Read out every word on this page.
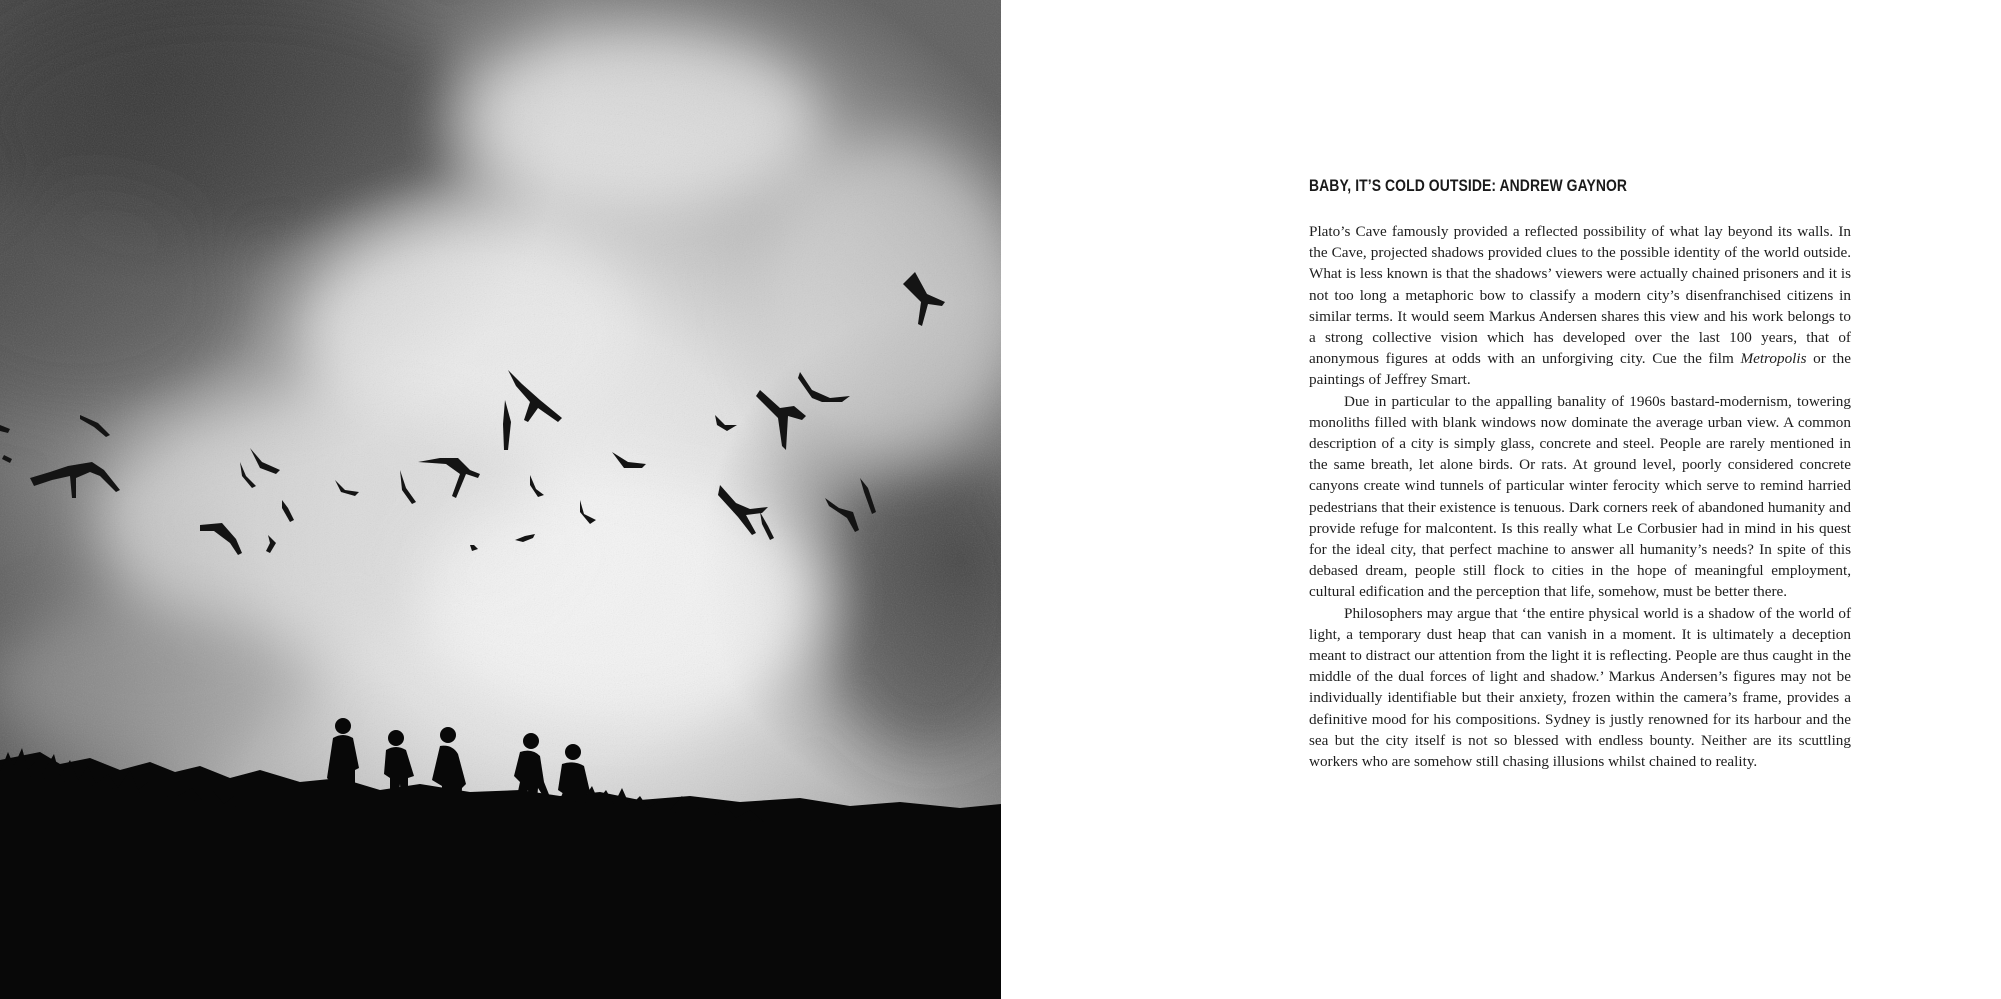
BABY, IT’S COLD OUTSIDE: ANDREW GAYNOR

Plato’s Cave famously provided a reflected possibility of what lay beyond its walls. In the Cave, projected shadows provided clues to the possible identity of the world outside. What is less known is that the shadows’ viewers were actually chained prisoners and it is not too long a metaphoric bow to classify a modern city’s disenfranchised citizens in similar terms. It would seem Markus Andersen shares this view and his work belongs to a strong collective vision which has developed over the last 100 years, that of anonymous figures at odds with an unforgiving city. Cue the film Metropolis or the paintings of Jeffrey Smart.

Due in particular to the appalling banality of 1960s bastard-modernism, towering monoliths filled with blank windows now dominate the average urban view. A common description of a city is simply glass, concrete and steel. People are rarely mentioned in the same breath, let alone birds. Or rats. At ground level, poorly considered concrete canyons create wind tunnels of particular winter ferocity which serve to remind harried pedestrians that their existence is tenuous. Dark corners reek of abandoned humanity and provide refuge for malcontent. Is this really what Le Corbusier had in mind in his quest for the ideal city, that perfect machine to answer all humanity’s needs? In spite of this debased dream, people still flock to cities in the hope of meaningful employment, cultural edification and the perception that life, somehow, must be better there.

Philosophers may argue that ‘the entire physical world is a shadow of the world of light, a temporary dust heap that can vanish in a moment. It is ultimately a deception meant to distract our attention from the light it is reflecting. People are thus caught in the middle of the dual forces of light and shadow.’ Markus Andersen’s figures may not be individually identifiable but their anxiety, frozen within the camera’s frame, provides a definitive mood for his compositions. Sydney is justly renowned for its harbour and the sea but the city itself is not so blessed with endless bounty. Neither are its scuttling workers who are somehow still chasing illusions whilst chained to reality.
